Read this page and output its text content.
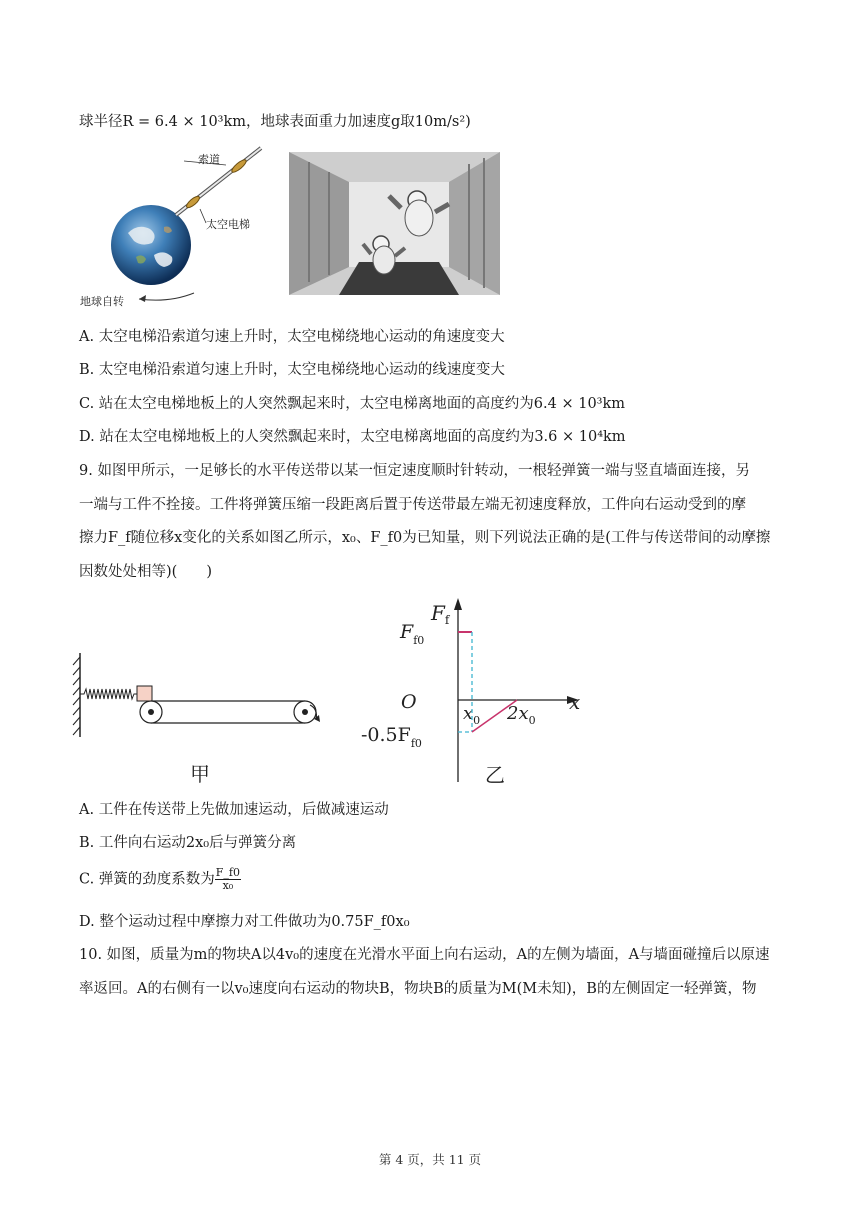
球半径R = 6.4 × 10³km，地球表面重力加速度g取10m/s²)
索道
太空电梯
地球自转
A. 太空电梯沿索道匀速上升时，太空电梯绕地心运动的角速度变大
B. 太空电梯沿索道匀速上升时，太空电梯绕地心运动的线速度变大
C. 站在太空电梯地板上的人突然飘起来时，太空电梯离地面的高度约为6.4 × 10³km
D. 站在太空电梯地板上的人突然飘起来时，太空电梯离地面的高度约为3.6 × 10⁴km
9. 如图甲所示，一足够长的水平传送带以某一恒定速度顺时针转动，一根轻弹簧一端与竖直墙面连接，另
一端与工件不拴接。工件将弹簧压缩一段距离后置于传送带最左端无初速度释放，工件向右运动受到的摩
擦力F_f随位移x变化的关系如图乙所示，x₀、F_f0为已知量，则下列说法正确的是(工件与传送带间的动摩擦
因数处处相等)(　　)
甲
$F_f$
x
O
$F_{f0}$
$-0.5F_{f0}$
$x_0$ $2x_0$
乙
A. 工件在传送带上先做加速运动，后做减速运动
B. 工件向右运动2x₀后与弹簧分离
C. 弹簧的劲度系数为 $\frac{F\_f0}{\text{x₀}}$
D. 整个运动过程中摩擦力对工件做功为0.75F_f0x₀
10. 如图，质量为m的物块A以4v₀的速度在光滑水平面上向右运动，A的左侧为墙面，A与墙面碰撞后以原速
率返回。A的右侧有一以v₀速度向右运动的物块B，物块B的质量为M(M未知)，B的左侧固定一轻弹簧，物
第 4 页，共 11 页
